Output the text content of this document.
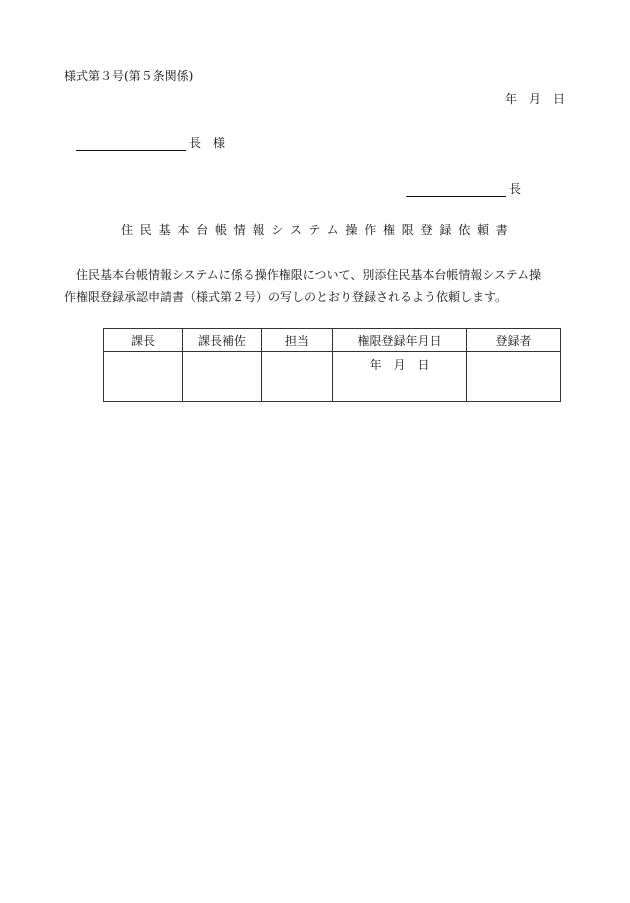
様式第３号(第５条関係)
年　月　日
長　様
長
住民基本台帳情報システム操作権限登録依頼書
住民基本台帳情報システムに係る操作権限について、別添住民基本台帳情報システム操
作権限登録承認申請書（様式第２号）の写しのとおり登録されるよう依頼します。
課長	課長補佐	担当	権限登録年月日	登録者
			年　月　日	
